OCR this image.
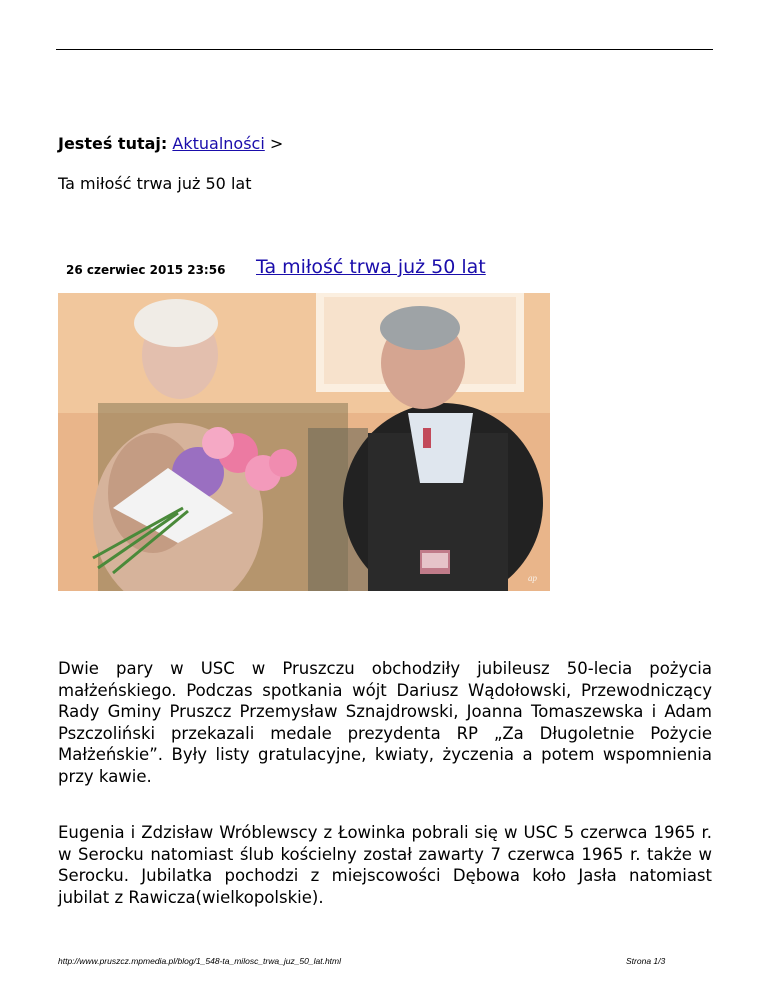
Jesteś tutaj: Aktualności >
Ta miłość trwa już 50 lat
26 czerwiec 2015 23:56 Ta miłość trwa już 50 lat
ap

Dwie pary w USC w Pruszczu obchodziły jubileusz 50-lecia pożycia małżeńskiego. Podczas spotkania wójt Dariusz Wądołowski, Przewodniczący Rady Gminy Pruszcz Przemysław Sznajdrowski, Joanna Tomaszewska i Adam Pszczoliński przekazali medale prezydenta RP „Za Długoletnie Pożycie Małżeńskie”. Były listy gratulacyjne, kwiaty, życzenia a potem wspomnienia przy kawie.

Eugenia i Zdzisław Wróblewscy z Łowinka pobrali się w USC 5 czerwca 1965 r. w Serocku natomiast ślub kościelny został zawarty 7 czerwca 1965 r. także w Serocku. Jubilatka pochodzi z miejscowości Dębowa koło Jasła natomiast jubilat z Rawicza(wielkopolskie).

http://www.pruszcz.mpmedia.pl/blog/1_548-ta_milosc_trwa_juz_50_lat.html	Strona 1/3
